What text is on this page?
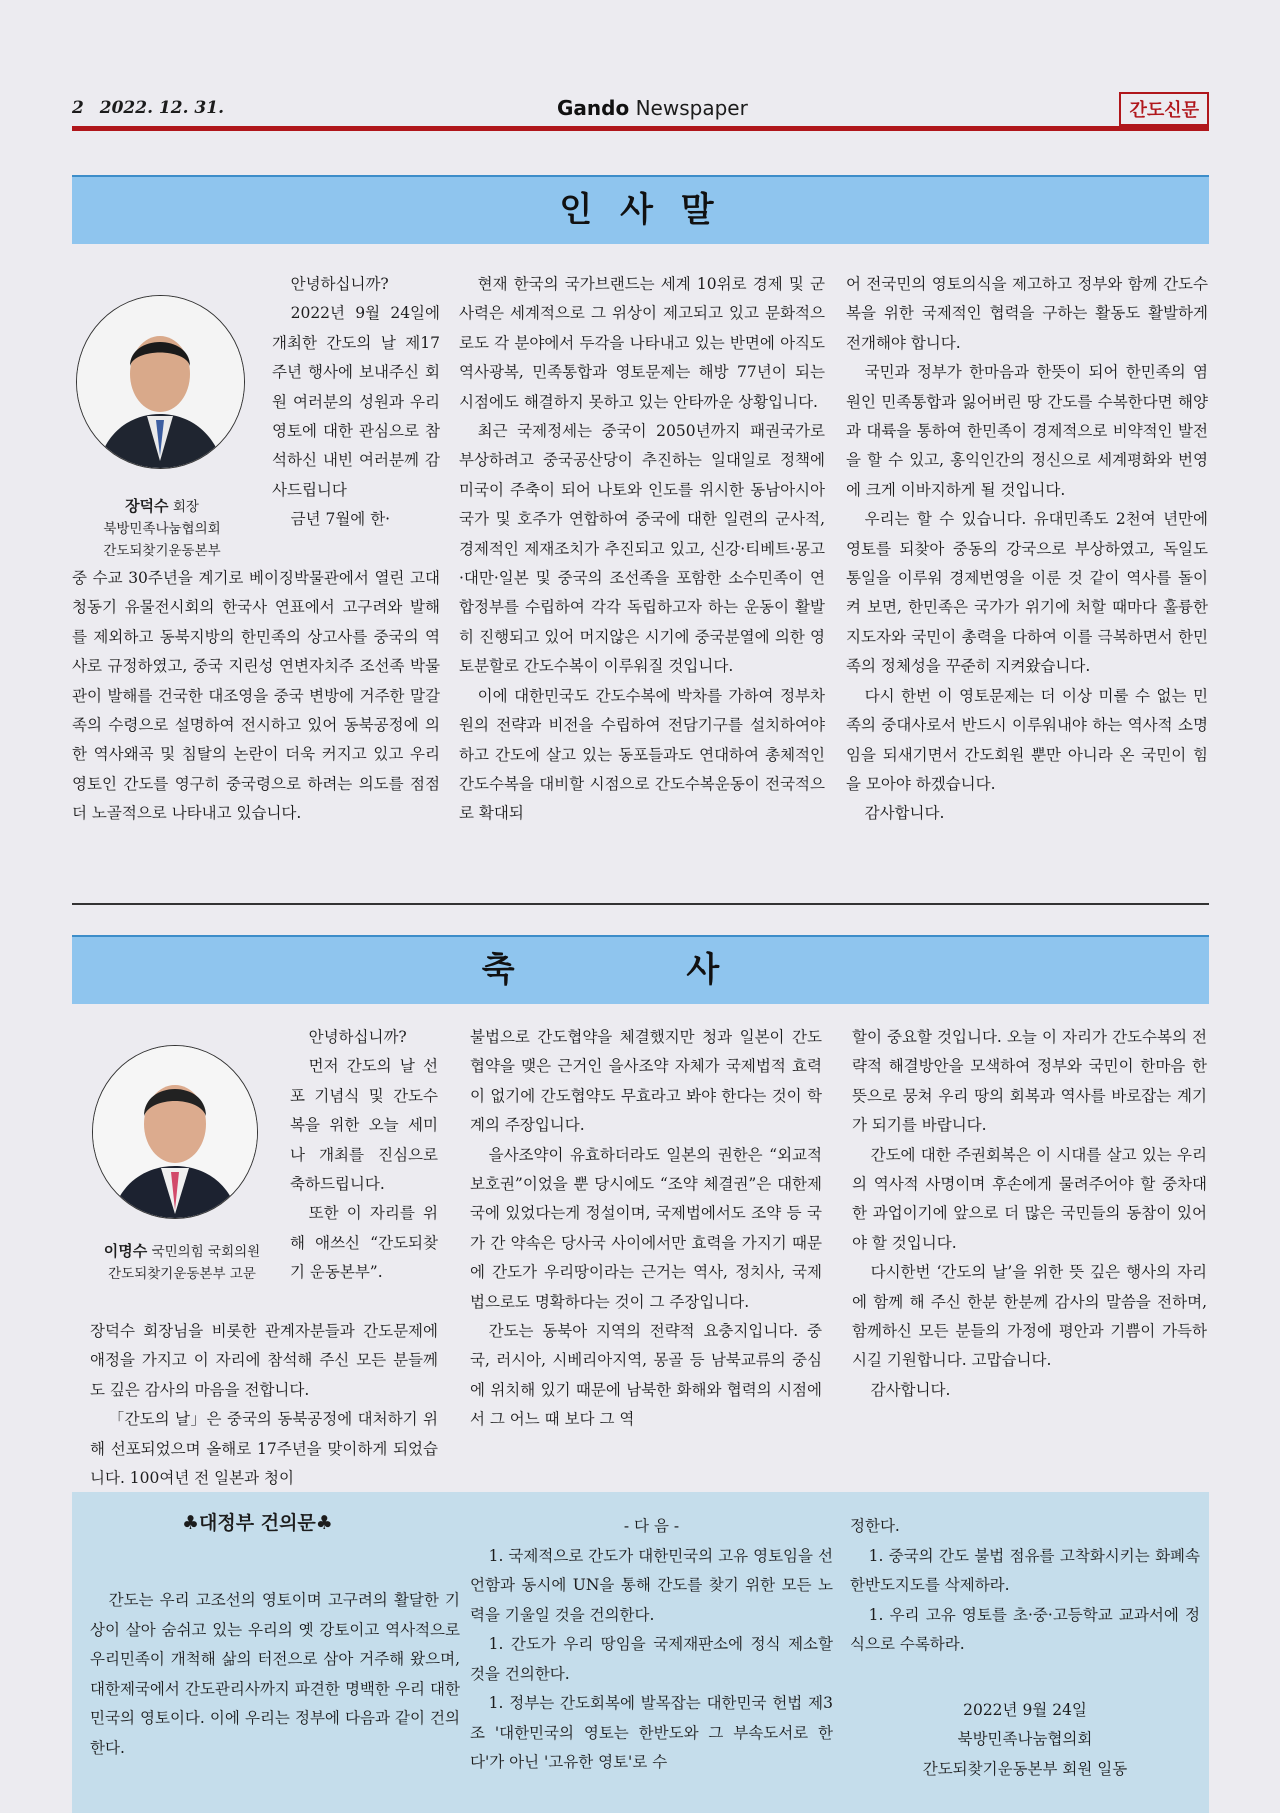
2 2022. 12. 31.	Gando Newspaper	간도신문
인 사 말
장덕수 회장
북방민족나눔협의회
간도되찾기운동본부

안녕하십니까?

2022년 9월 24일에 개최한 간도의 날 제17주년 행사에 보내주신 회원 여러분의 성원과 우리 영토에 대한 관심으로 참석하신 내빈 여러분께 감사드립니다

금년 7월에 한·

중 수교 30주년을 계기로 베이징박물관에서 열린 고대 청동기 유물전시회의 한국사 연표에서 고구려와 발해를 제외하고 동북지방의 한민족의 상고사를 중국의 역사로 규정하였고, 중국 지린성 연변자치주 조선족 박물관이 발해를 건국한 대조영을 중국 변방에 거주한 말갈족의 수령으로 설명하여 전시하고 있어 동북공정에 의한 역사왜곡 및 침탈의 논란이 더욱 커지고 있고 우리 영토인 간도를 영구히 중국령으로 하려는 의도를 점점 더 노골적으로 나타내고 있습니다.

현재 한국의 국가브랜드는 세계 10위로 경제 및 군사력은 세계적으로 그 위상이 제고되고 있고 문화적으로도 각 분야에서 두각을 나타내고 있는 반면에 아직도 역사광복, 민족통합과 영토문제는 해방 77년이 되는 시점에도 해결하지 못하고 있는 안타까운 상황입니다.

최근 국제정세는 중국이 2050년까지 패권국가로 부상하려고 중국공산당이 추진하는 일대일로 정책에 미국이 주축이 되어 나토와 인도를 위시한 동남아시아국가 및 호주가 연합하여 중국에 대한 일련의 군사적, 경제적인 제재조치가 추진되고 있고, 신강·티베트·몽고·대만·일본 및 중국의 조선족을 포함한 소수민족이 연합정부를 수립하여 각각 독립하고자 하는 운동이 활발히 진행되고 있어 머지않은 시기에 중국분열에 의한 영토분할로 간도수복이 이루워질 것입니다.

이에 대한민국도 간도수복에 박차를 가하여 정부차원의 전략과 비전을 수립하여 전담기구를 설치하여야 하고 간도에 살고 있는 동포들과도 연대하여 총체적인 간도수복을 대비할 시점으로 간도수복운동이 전국적으로 확대되

어 전국민의 영토의식을 제고하고 정부와 함께 간도수복을 위한 국제적인 협력을 구하는 활동도 활발하게 전개해야 합니다.

국민과 정부가 한마음과 한뜻이 되어 한민족의 염원인 민족통합과 잃어버린 땅 간도를 수복한다면 해양과 대륙을 통하여 한민족이 경제적으로 비약적인 발전을 할 수 있고, 홍익인간의 정신으로 세계평화와 번영에 크게 이바지하게 될 것입니다.

우리는 할 수 있습니다. 유대민족도 2천여 년만에 영토를 되찾아 중동의 강국으로 부상하였고, 독일도 통일을 이루워 경제번영을 이룬 것 같이 역사를 돌이켜 보면, 한민족은 국가가 위기에 처할 때마다 훌륭한 지도자와 국민이 총력을 다하여 이를 극복하면서 한민족의 정체성을 꾸준히 지켜왔습니다.

다시 한번 이 영토문제는 더 이상 미룰 수 없는 민족의 중대사로서 반드시 이루워내야 하는 역사적 소명임을 되새기면서 간도회원 뿐만 아니라 온 국민이 힘을 모아야 하겠습니다.

감사합니다.

축 사
이명수 국민의힘 국회의원
간도되찾기운동본부 고문

안녕하십니까?

먼저 간도의 날 선포 기념식 및 간도수복을 위한 오늘 세미나 개최를 진심으로 축하드립니다.

또한 이 자리를 위해 애쓰신 “간도되찾기 운동본부”.

장덕수 회장님을 비롯한 관계자분들과 간도문제에 애정을 가지고 이 자리에 참석해 주신 모든 분들께도 깊은 감사의 마음을 전합니다.

「간도의 날」은 중국의 동북공정에 대처하기 위해 선포되었으며 올해로 17주년을 맞이하게 되었습니다. 100여년 전 일본과 청이

불법으로 간도협약을 체결했지만 청과 일본이 간도협약을 맺은 근거인 을사조약 자체가 국제법적 효력이 없기에 간도협약도 무효라고 봐야 한다는 것이 학계의 주장입니다.

을사조약이 유효하더라도 일본의 권한은 “외교적 보호권”이었을 뿐 당시에도 “조약 체결권”은 대한제국에 있었다는게 정설이며, 국제법에서도 조약 등 국가 간 약속은 당사국 사이에서만 효력을 가지기 때문에 간도가 우리땅이라는 근거는 역사, 정치사, 국제법으로도 명확하다는 것이 그 주장입니다.

간도는 동북아 지역의 전략적 요충지입니다. 중국, 러시아, 시베리아지역, 몽골 등 남북교류의 중심에 위치해 있기 때문에 남북한 화해와 협력의 시점에서 그 어느 때 보다 그 역

할이 중요할 것입니다. 오늘 이 자리가 간도수복의 전략적 해결방안을 모색하여 정부와 국민이 한마음 한 뜻으로 뭉쳐 우리 땅의 회복과 역사를 바로잡는 계기가 되기를 바랍니다.

간도에 대한 주권회복은 이 시대를 살고 있는 우리의 역사적 사명이며 후손에게 물려주어야 할 중차대한 과업이기에 앞으로 더 많은 국민들의 동참이 있어야 할 것입니다.

다시한번 ‘간도의 날’을 위한 뜻 깊은 행사의 자리에 함께 해 주신 한분 한분께 감사의 말씀을 전하며, 함께하신 모든 분들의 가정에 평안과 기쁨이 가득하시길 기원합니다. 고맙습니다.

감사합니다.

♣대정부 건의문♣

간도는 우리 고조선의 영토이며 고구려의 활달한 기상이 살아 숨쉬고 있는 우리의 옛 강토이고 역사적으로 우리민족이 개척해 삶의 터전으로 삼아 거주해 왔으며, 대한제국에서 간도관리사까지 파견한 명백한 우리 대한민국의 영토이다. 이에 우리는 정부에 다음과 같이 건의 한다.

- 다 음 -

1. 국제적으로 간도가 대한민국의 고유 영토임을 선언함과 동시에 UN을 통해 간도를 찾기 위한 모든 노력을 기울일 것을 건의한다.

1. 간도가 우리 땅임을 국제재판소에 정식 제소할 것을 건의한다.

1. 정부는 간도회복에 발목잡는 대한민국 헌법 제3조 '대한민국의 영토는 한반도와 그 부속도서로 한다'가 아닌 '고유한 영토'로 수

정한다.

1. 중국의 간도 불법 점유를 고착화시키는 화폐속 한반도지도를 삭제하라.

1. 우리 고유 영토를 초·중·고등학교 교과서에 정식으로 수록하라.

2022년 9월 24일
북방민족나눔협의회
간도되찾기운동본부 회원 일동
